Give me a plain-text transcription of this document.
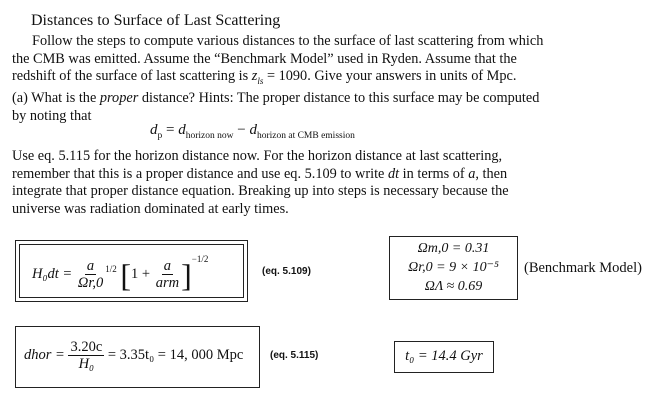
Distances to Surface of Last Scattering
Follow the steps to compute various distances to the surface of last scattering from which
the CMB was emitted. Assume the “Benchmark Model” used in Ryden. Assume that the
redshift of the surface of last scattering is $z_{ls} = 1090$. Give your answers in units of Mpc.
(a) What is the proper distance? Hints: The proper distance to this surface may be computed
by noting that
$d_p = d_{horizon now} - d_{horizon at CMB emission}$
Use eq. 5.115 for the horizon distance now. For the horizon distance at last scattering,
remember that this is a proper distance and use eq. 5.109 to write dt in terms of a, then
integrate that proper distance equation. Breaking up into steps is necessary because the
universe was radiation dominated at early times.
$H_0dt = \frac{a}{\Omega r,0} ^{1/2}$ $[1 + \frac{a}{\text{arm}} ]^{-1/2}$
(eq. 5.109)
Ωm,0 = 0.31
Ωr,0 = 9 × 10⁻⁵
ΩΛ ≈ 0.69
(Benchmark Model)
dhor = $\frac{3.20c}{\text{H₀}} = 3.35t_0 = 14$, 000 Mpc	(eq. 5.115)	t₀ = 14.4 Gyr
